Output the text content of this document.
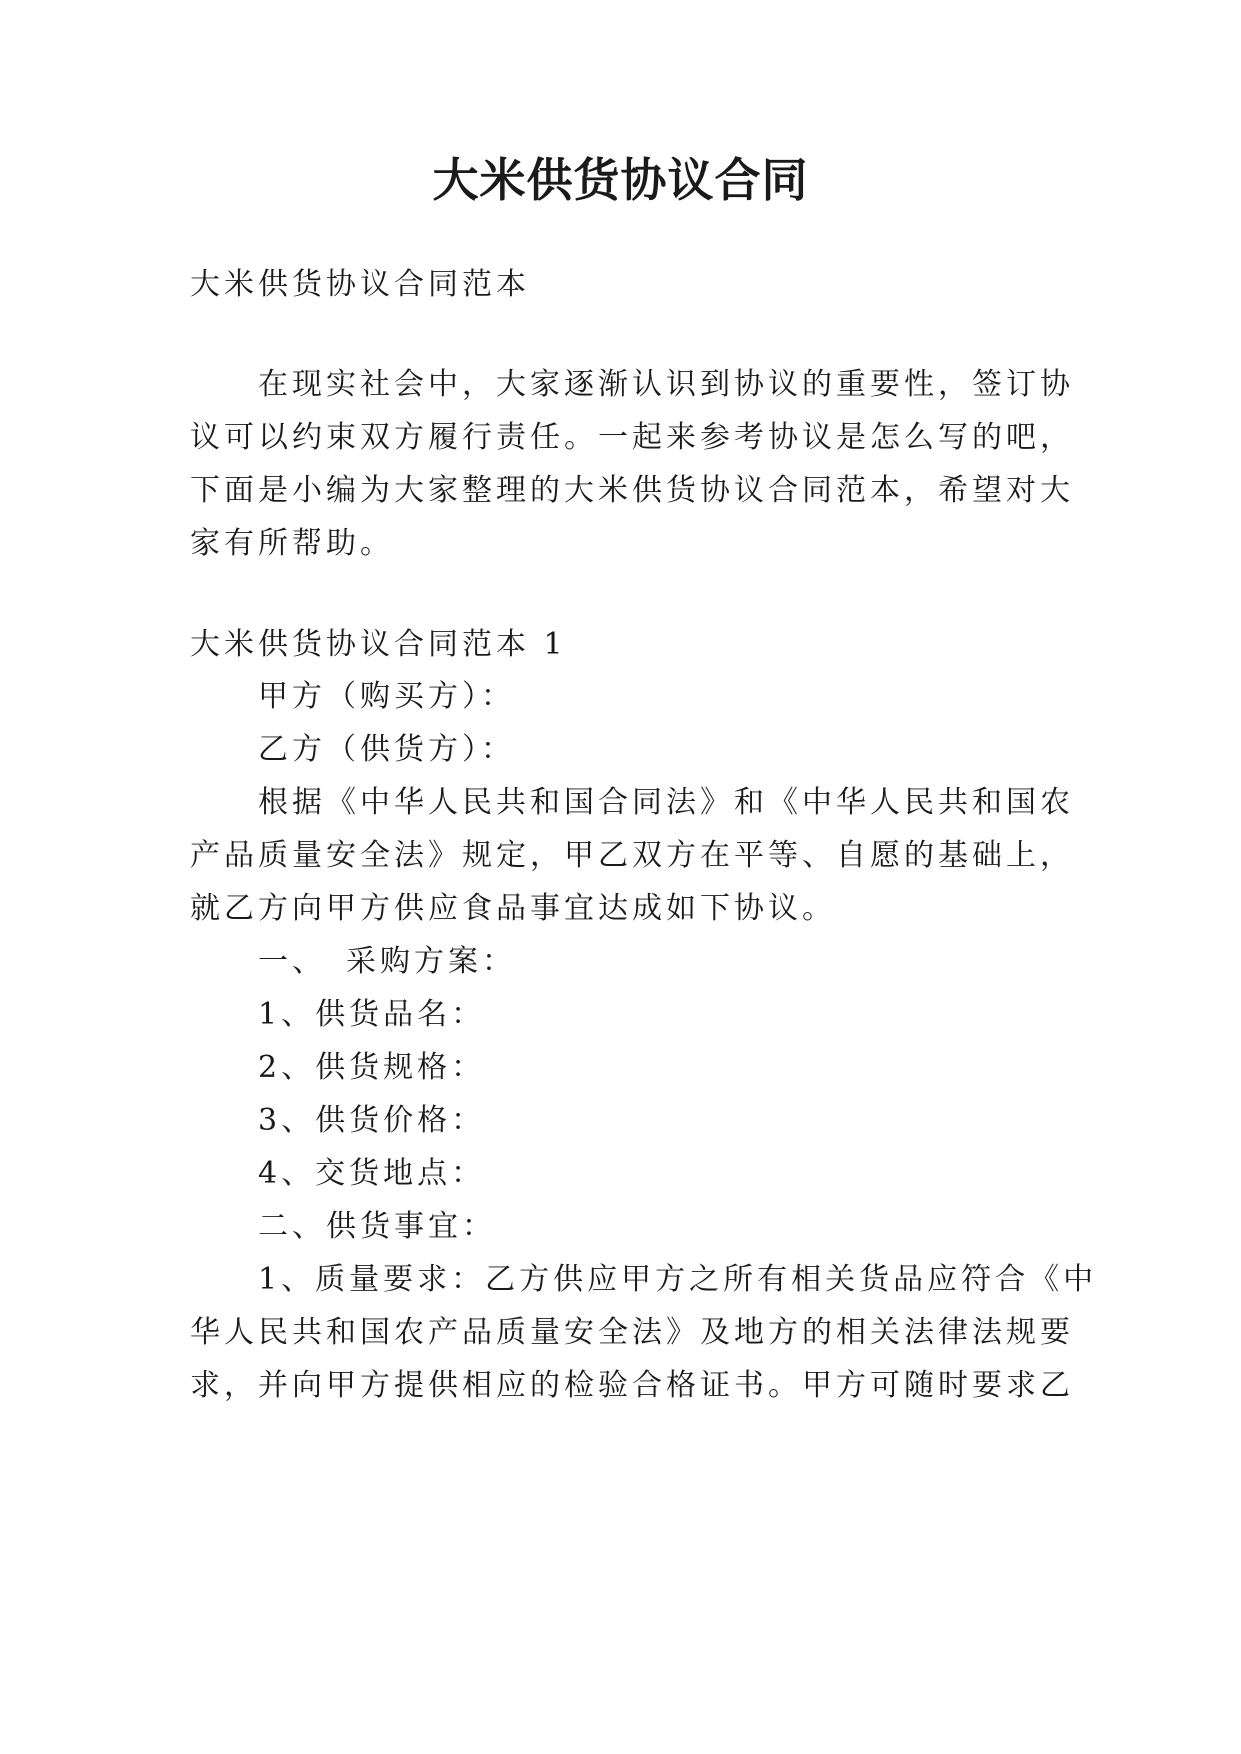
大米供货协议合同

大米供货协议合同范本

在现实社会中，大家逐渐认识到协议的重要性，签订协

议可以约束双方履行责任。一起来参考协议是怎么写的吧，

下面是小编为大家整理的大米供货协议合同范本，希望对大

家有所帮助。

大米供货协议合同范本 1

甲方（购买方）：

乙方（供货方）：

根据《中华人民共和国合同法》和《中华人民共和国农

产品质量安全法》规定，甲乙双方在平等、自愿的基础上，

就乙方向甲方供应食品事宜达成如下协议。

一、 采购方案：

1、供货品名：

2、供货规格：

3、供货价格：

4、交货地点：

二、供货事宜：

1、质量要求：乙方供应甲方之所有相关货品应符合《中

华人民共和国农产品质量安全法》及地方的相关法律法规要

求，并向甲方提供相应的检验合格证书。甲方可随时要求乙
